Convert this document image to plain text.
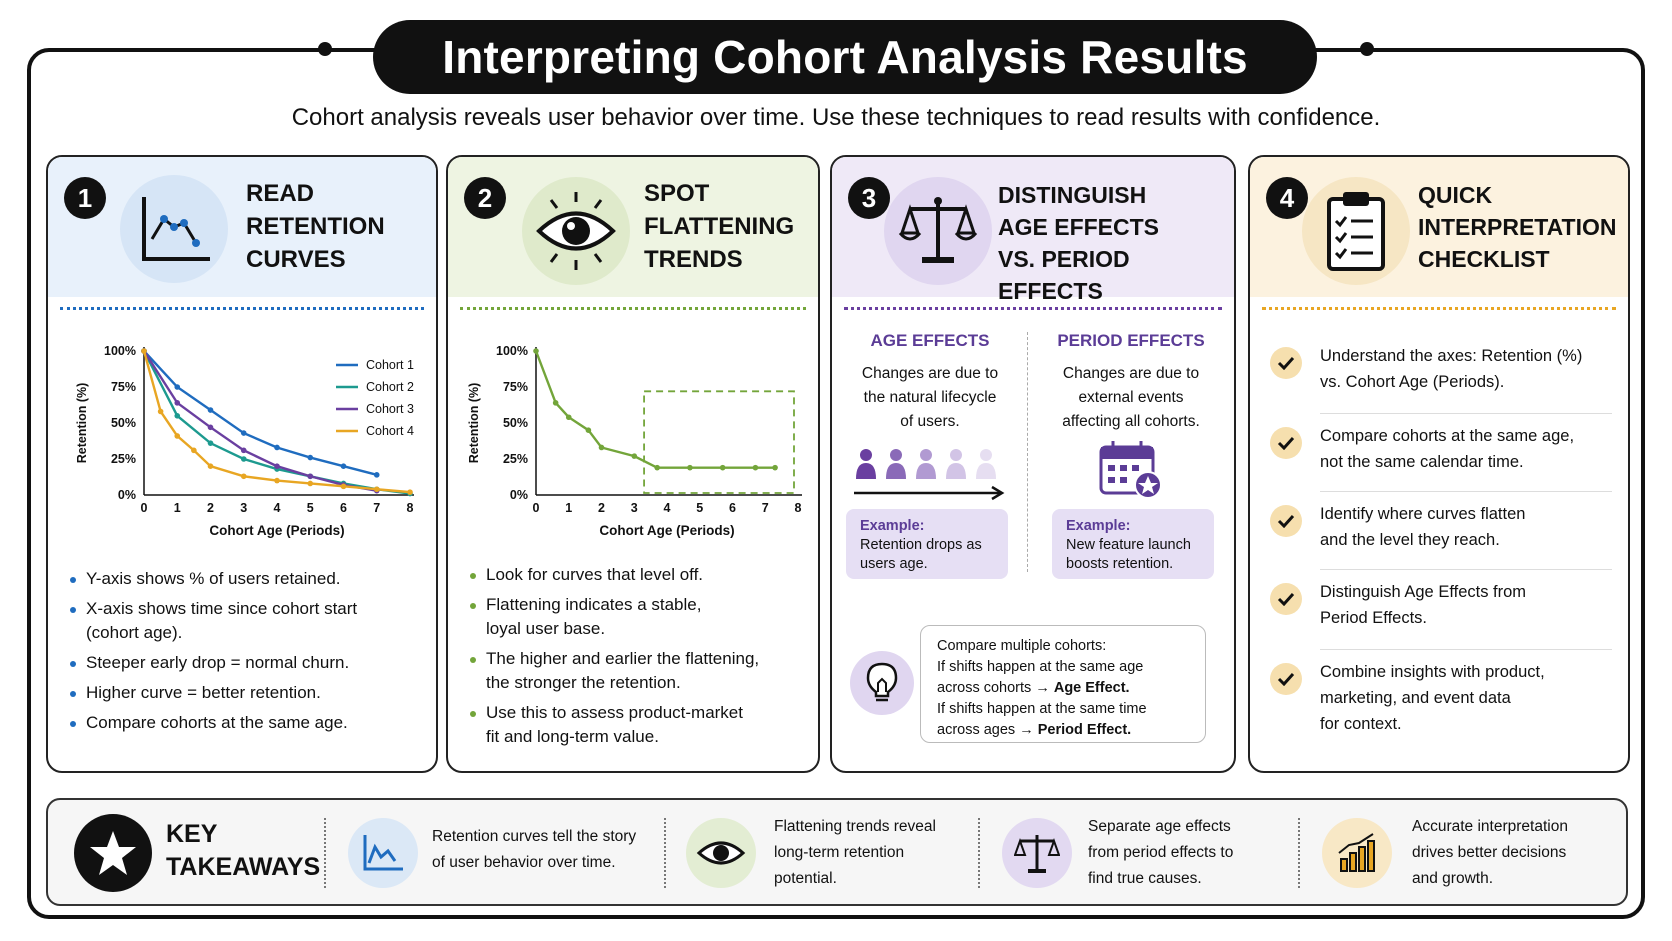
Interpreting Cohort Analysis Results
Cohort analysis reveals user behavior over time. Use these techniques to read results with confidence.
1	READ
RETENTION
CURVES
0%
25%
50%
75%
100%
0 1 2 3 4 5 6 7 8
Cohort Age (Periods)
Retention (%)
Cohort 1
Cohort 2
Cohort 3
Cohort 4
Y-axis shows % of users retained.
X-axis shows time since cohort start
(cohort age).
Steeper early drop = normal churn.
Higher curve = better retention.
Compare cohorts at the same age.
2	SPOT
FLATTENING
TRENDS
0%
25%
50%
75%
100%
0 1 2 3 4 5 6 7 8
Cohort Age (Periods)
Retention (%)
Look for curves that level off.
Flattening indicates a stable,
loyal user base.
The higher and earlier the flattening,
the stronger the retention.
Use this to assess product-market
fit and long-term value.
3	DISTINGUISH
AGE EFFECTS
VS. PERIOD EFFECTS
AGE EFFECTS
Changes are due to
the natural lifecycle
of users.
PERIOD EFFECTS
Changes are due to
external events
affecting all cohorts.
Example:
Retention drops as
users age.
Example:
New feature launch
boosts retention.
Compare multiple cohorts:
If shifts happen at the same age
across cohorts → Age Effect.
If shifts happen at the same time
across ages → Period Effect.
4	QUICK
INTERPRETATION
CHECKLIST
Understand the axes: Retention (%)
vs. Cohort Age (Periods).
Compare cohorts at the same age,
not the same calendar time.
Identify where curves flatten
and the level they reach.
Distinguish Age Effects from
Period Effects.
Combine insights with product,
marketing, and event data
for context.
KEY
TAKEAWAYS
Retention curves tell the story
of user behavior over time.
Flattening trends reveal
long-term retention
potential.
Separate age effects
from period effects to
find true causes.
Accurate interpretation
drives better decisions
and growth.
